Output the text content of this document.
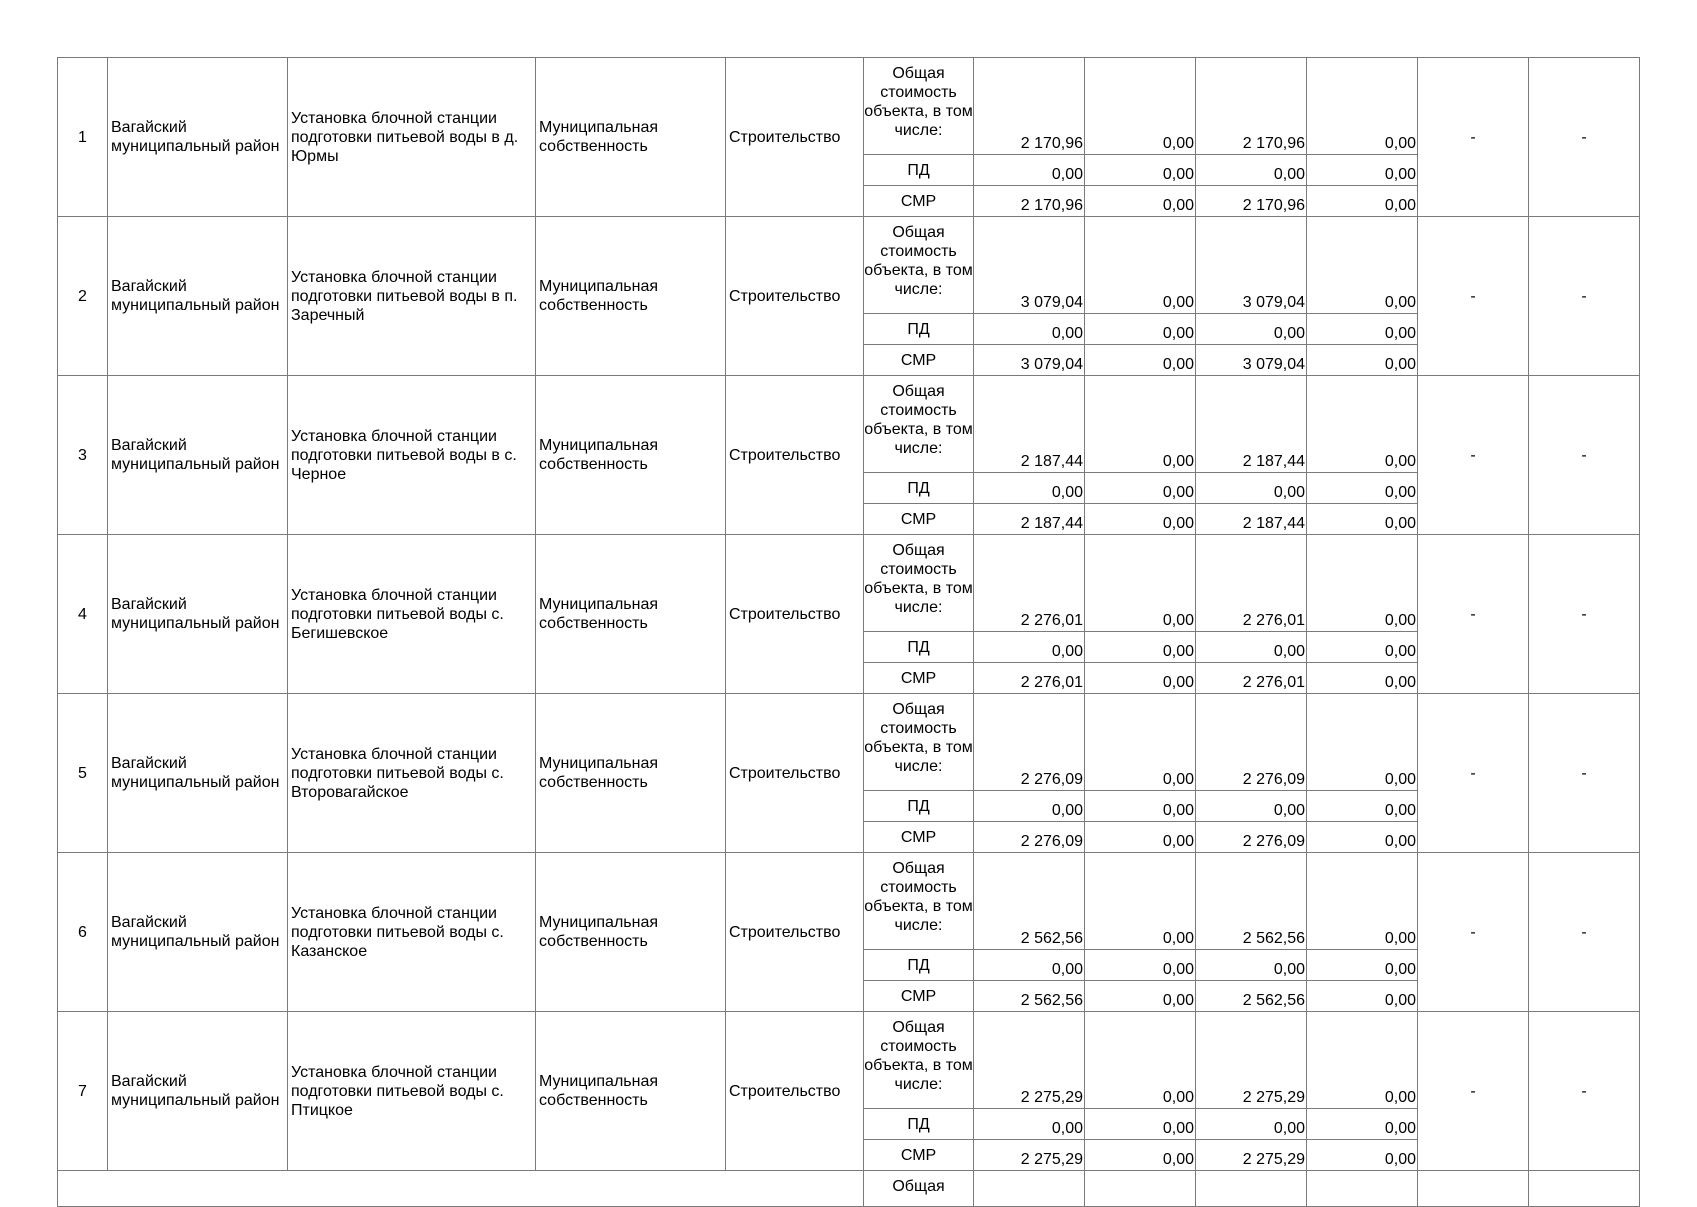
1	Вагайский муниципальный район	Установка блочной станции подготовки питьевой воды в д. Юрмы	Муниципальная собственность	Строительство	Общая стоимость объекта, в том числе:	2 170,96	0,00	2 170,96	0,00	-	-
					ПД	0,00	0,00	0,00	0,00		
					СМР	2 170,96	0,00	2 170,96	0,00		
2	Вагайский муниципальный район	Установка блочной станции подготовки питьевой воды в п. Заречный	Муниципальная собственность	Строительство	Общая стоимость объекта, в том числе:	3 079,04	0,00	3 079,04	0,00	-	-
					ПД	0,00	0,00	0,00	0,00		
					СМР	3 079,04	0,00	3 079,04	0,00		
3	Вагайский муниципальный район	Установка блочной станции подготовки питьевой воды в с. Черное	Муниципальная собственность	Строительство	Общая стоимость объекта, в том числе:	2 187,44	0,00	2 187,44	0,00	-	-
					ПД	0,00	0,00	0,00	0,00		
					СМР	2 187,44	0,00	2 187,44	0,00		
4	Вагайский муниципальный район	Установка блочной станции подготовки питьевой воды с. Бегишевское	Муниципальная собственность	Строительство	Общая стоимость объекта, в том числе:	2 276,01	0,00	2 276,01	0,00	-	-
					ПД	0,00	0,00	0,00	0,00		
					СМР	2 276,01	0,00	2 276,01	0,00		
5	Вагайский муниципальный район	Установка блочной станции подготовки питьевой воды с. Второвагайское	Муниципальная собственность	Строительство	Общая стоимость объекта, в том числе:	2 276,09	0,00	2 276,09	0,00	-	-
					ПД	0,00	0,00	0,00	0,00		
					СМР	2 276,09	0,00	2 276,09	0,00		
6	Вагайский муниципальный район	Установка блочной станции подготовки питьевой воды с. Казанское	Муниципальная собственность	Строительство	Общая стоимость объекта, в том числе:	2 562,56	0,00	2 562,56	0,00	-	-
					ПД	0,00	0,00	0,00	0,00		
					СМР	2 562,56	0,00	2 562,56	0,00		
7	Вагайский муниципальный район	Установка блочной станции подготовки питьевой воды с. Птицкое	Муниципальная собственность	Строительство	Общая стоимость объекта, в том числе:	2 275,29	0,00	2 275,29	0,00	-	-
					ПД	0,00	0,00	0,00	0,00		
					СМР	2 275,29	0,00	2 275,29	0,00		
					Общая						
